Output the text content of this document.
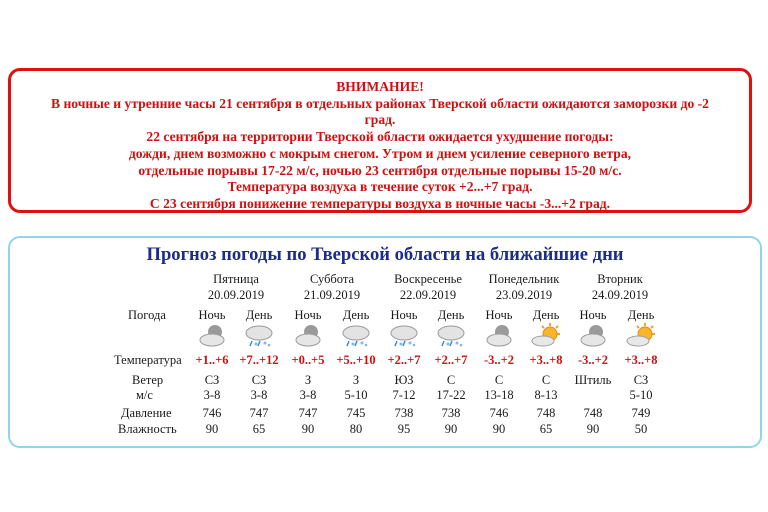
ВНИМАНИЕ!
В ночные и утренние часы 21 сентября в отдельных районах Тверской области ожидаются заморозки до -2
град.
22 сентября на территории Тверской области ожидается ухудшение погоды:
дожди, днем возможно с мокрым снегом. Утром и днем усиление северного ветра,
отдельные порывы 17-22 м/с, ночью 23 сентября отдельные порывы 15-20 м/с.
Температура воздуха в течение суток +2...+7 град.
С 23 сентября понижение температуры воздуха в ночные часы -3...+2 град.
Прогноз погоды по Тверской области на ближайшие дни
Погода
Температура
Ветер
м/с
Давление
Влажность
Пятница
20.09.2019
Суббота
21.09.2019
Воскресенье
22.09.2019
Понедельник
23.09.2019
Вторник
24.09.2019
Ночь
+1..+6
СЗ
3-8
746
90
День
+7..+12
СЗ
3-8
747
65
Ночь
+0..+5
З
3-8
747
90
День
+5..+10
З
5-10
745
80
Ночь
+2..+7
ЮЗ
7-12
738
95
День
+2..+7
С
17-22
738
90
Ночь
-3..+2
С
13-18
746
90
День
+3..+8
С
8-13
748
65
Ночь
-3..+2
Штиль
748
90
День
+3..+8
СЗ
5-10
749
50
